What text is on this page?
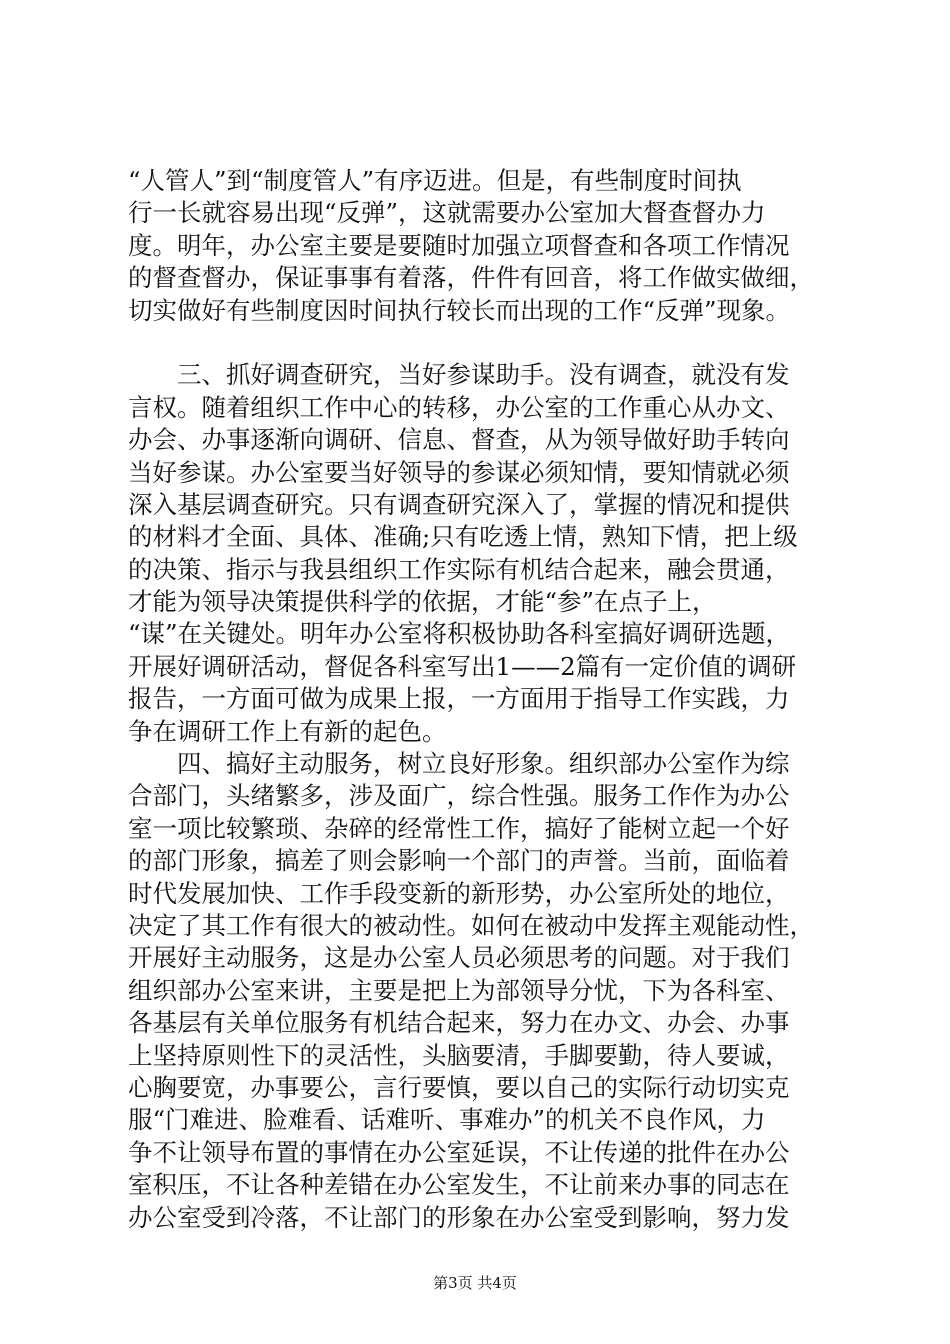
“人管人”到“制度管人”有序迈进。但是，有些制度时间执
行一长就容易出现“反弹”，这就需要办公室加大督查督办力
度。明年，办公室主要是要随时加强立项督查和各项工作情况
的督查督办，保证事事有着落，件件有回音，将工作做实做细，
切实做好有些制度因时间执行较长而出现的工作“反弹”现象。
　　三、抓好调查研究，当好参谋助手。没有调查，就没有发
言权。随着组织工作中心的转移，办公室的工作重心从办文、
办会、办事逐渐向调研、信息、督查，从为领导做好助手转向
当好参谋。办公室要当好领导的参谋必须知情，要知情就必须
深入基层调查研究。只有调查研究深入了，掌握的情况和提供
的材料才全面、具体、准确;只有吃透上情，熟知下情，把上级
的决策、指示与我县组织工作实际有机结合起来，融会贯通，
才能为领导决策提供科学的依据，才能“参”在点子上，
“谋”在关键处。明年办公室将积极协助各科室搞好调研选题，
开展好调研活动，督促各科室写出1——2篇有一定价值的调研
报告，一方面可做为成果上报，一方面用于指导工作实践，力
争在调研工作上有新的起色。
　　四、搞好主动服务，树立良好形象。组织部办公室作为综
合部门，头绪繁多，涉及面广，综合性强。服务工作作为办公
室一项比较繁琐、杂碎的经常性工作，搞好了能树立起一个好
的部门形象，搞差了则会影响一个部门的声誉。当前，面临着
时代发展加快、工作手段变新的新形势，办公室所处的地位，
决定了其工作有很大的被动性。如何在被动中发挥主观能动性，
开展好主动服务，这是办公室人员必须思考的问题。对于我们
组织部办公室来讲，主要是把上为部领导分忧，下为各科室、
各基层有关单位服务有机结合起来，努力在办文、办会、办事
上坚持原则性下的灵活性，头脑要清，手脚要勤，待人要诚，
心胸要宽，办事要公，言行要慎，要以自己的实际行动切实克
服“门难进、脸难看、话难听、事难办”的机关不良作风，力
争不让领导布置的事情在办公室延误，不让传递的批件在办公
室积压，不让各种差错在办公室发生，不让前来办事的同志在
办公室受到冷落，不让部门的形象在办公室受到影响，努力发
第3页 共4页
